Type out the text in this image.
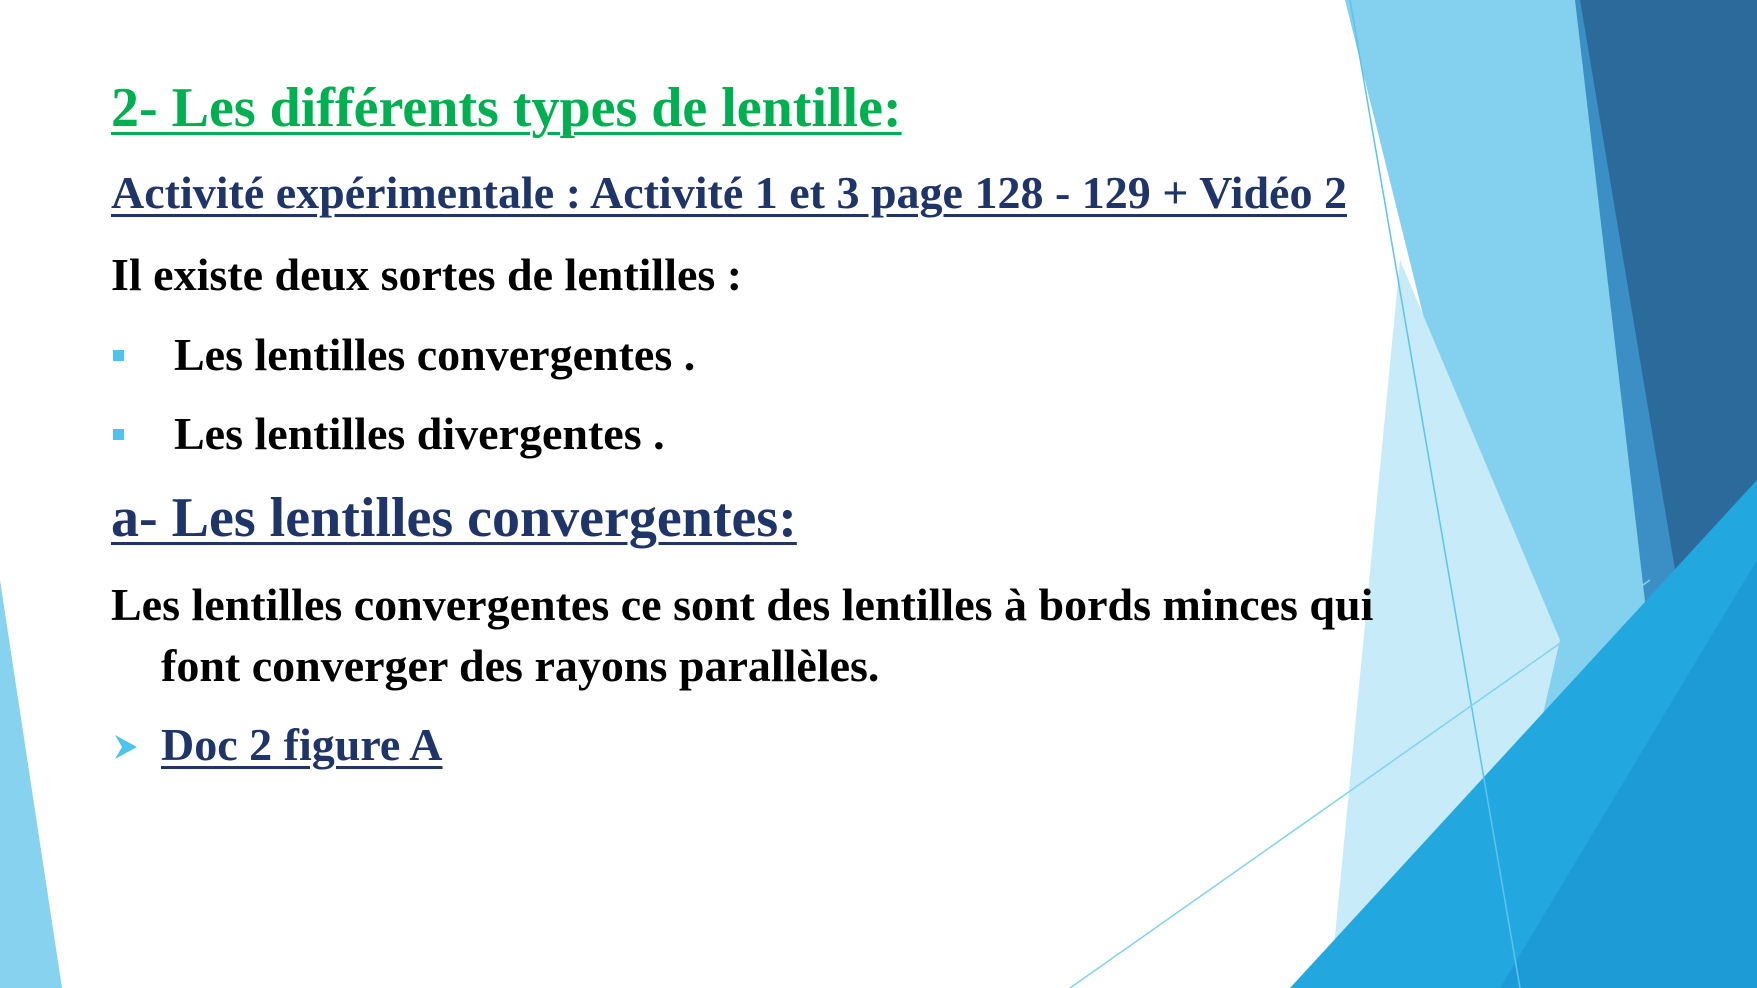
2- Les différents types de lentille:
Activité expérimentale : Activité 1 et 3 page 128 - 129 + Vidéo 2
Il existe deux sortes de lentilles :
Les lentilles convergentes .
Les lentilles divergentes .
a- Les lentilles convergentes:
Les lentilles convergentes ce sont des lentilles à bords minces qui
font converger des rayons parallèles.
Doc 2 figure A
